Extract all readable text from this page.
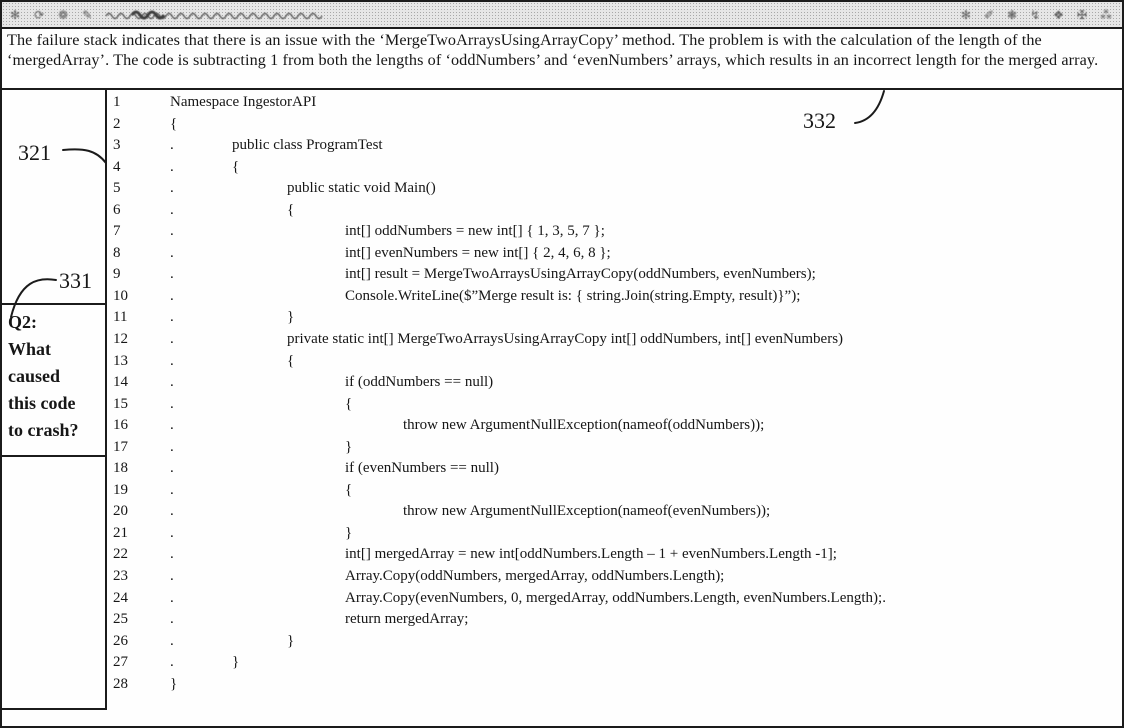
✻ ⟳ ❁ ✎	✻ ✐ ❃ ↯ ❖ ✠ ⁂
The failure stack indicates that there is an issue with the ‘MergeTwoArraysUsingArrayCopy’ method. The problem is with the calculation of the length of the ‘mergedArray’. The code is subtracting 1 from both the lengths of ‘oddNumbers’ and ‘evenNumbers’ arrays, which results in an incorrect length for the merged array.
Q2:
What
caused
this code
to crash?
1	Namespace IngestorAPI
2	{
3	.	public class ProgramTest
4	.	{
5	.	public static void Main()
6	.	{
7	.	int[] oddNumbers = new int[] { 1, 3, 5, 7 };
8	.	int[] evenNumbers = new int[] { 2, 4, 6, 8 };
9	.	int[] result = MergeTwoArraysUsingArrayCopy(oddNumbers, evenNumbers);
10	.	Console.WriteLine($”Merge result is: { string.Join(string.Empty, result)}”);
11	.	}
12	.	private static int[] MergeTwoArraysUsingArrayCopy int[] oddNumbers, int[] evenNumbers)
13	.	{
14	.	if (oddNumbers == null)
15	.	{
16	.	throw new ArgumentNullException(nameof(oddNumbers));
17	.	}
18	.	if (evenNumbers == null)
19	.	{
20	.	throw new ArgumentNullException(nameof(evenNumbers));
21	.	}
22	.	int[] mergedArray = new int[oddNumbers.Length – 1 + evenNumbers.Length -1];
23	.	Array.Copy(oddNumbers, mergedArray, oddNumbers.Length);
24	.	Array.Copy(evenNumbers, 0, mergedArray, oddNumbers.Length, evenNumbers.Length);.
25	.	return mergedArray;
26	.	}
27	.	}
28	}
321
331
332
